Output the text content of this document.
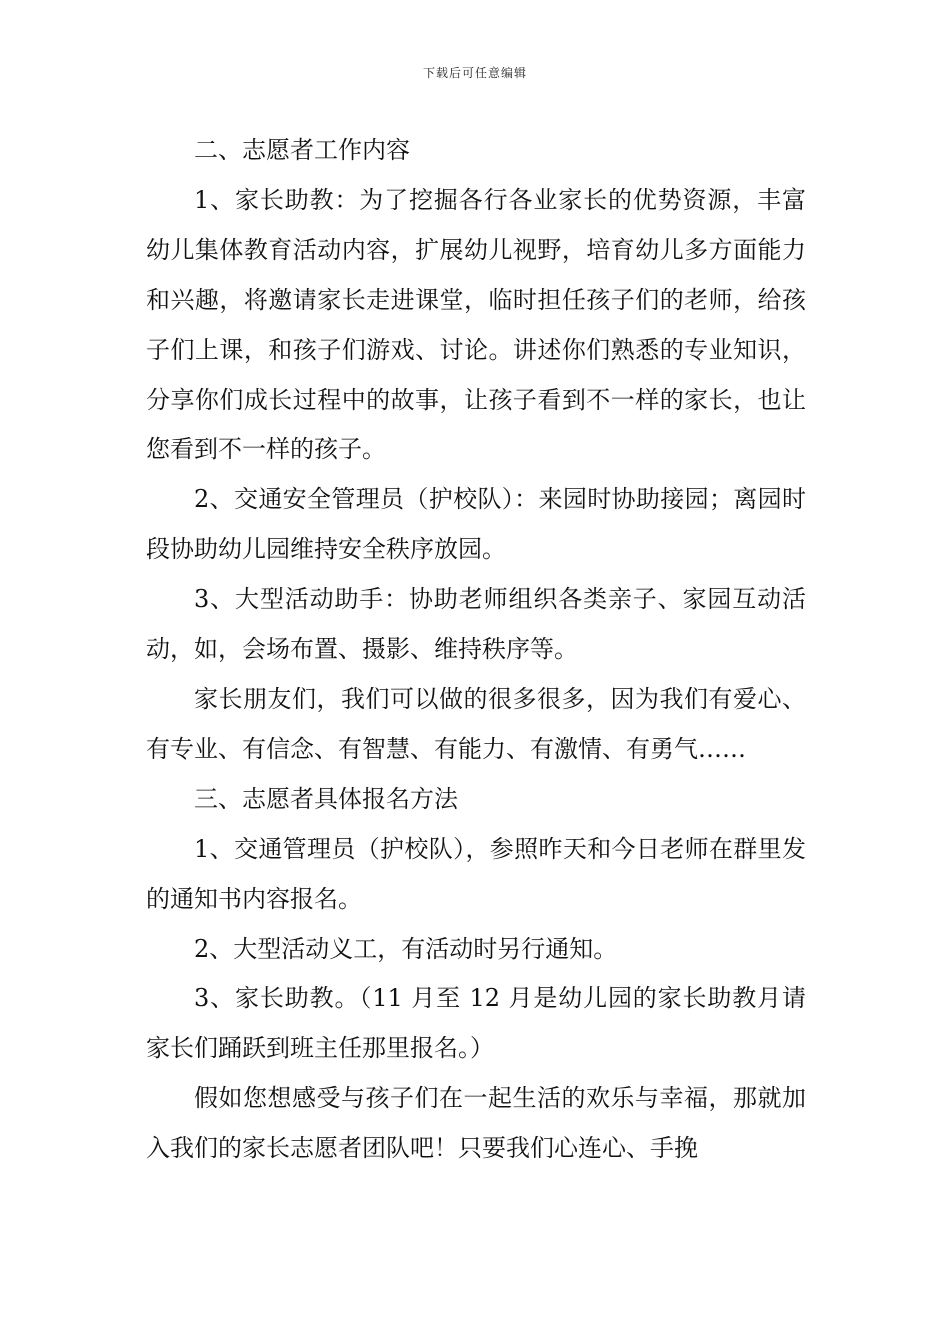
下载后可任意编辑

二、志愿者工作内容

1、家长助教：为了挖掘各行各业家长的优势资源，丰富幼儿集体教育活动内容，扩展幼儿视野，培育幼儿多方面能力和兴趣，将邀请家长走进课堂，临时担任孩子们的老师，给孩子们上课，和孩子们游戏、讨论。讲述你们熟悉的专业知识，分享你们成长过程中的故事，让孩子看到不一样的家长，也让您看到不一样的孩子。

2、交通安全管理员（护校队）：来园时协助接园；离园时段协助幼儿园维持安全秩序放园。

3、大型活动助手：协助老师组织各类亲子、家园互动活动，如，会场布置、摄影、维持秩序等。

家长朋友们，我们可以做的很多很多，因为我们有爱心、有专业、有信念、有智慧、有能力、有激情、有勇气……

三、志愿者具体报名方法

1、交通管理员（护校队），参照昨天和今日老师在群里发的通知书内容报名。

2、大型活动义工，有活动时另行通知。

3、家长助教。（11 月至 12 月是幼儿园的家长助教月请家长们踊跃到班主任那里报名。）

假如您想感受与孩子们在一起生活的欢乐与幸福，那就加入我们的家长志愿者团队吧！只要我们心连心、手挽
